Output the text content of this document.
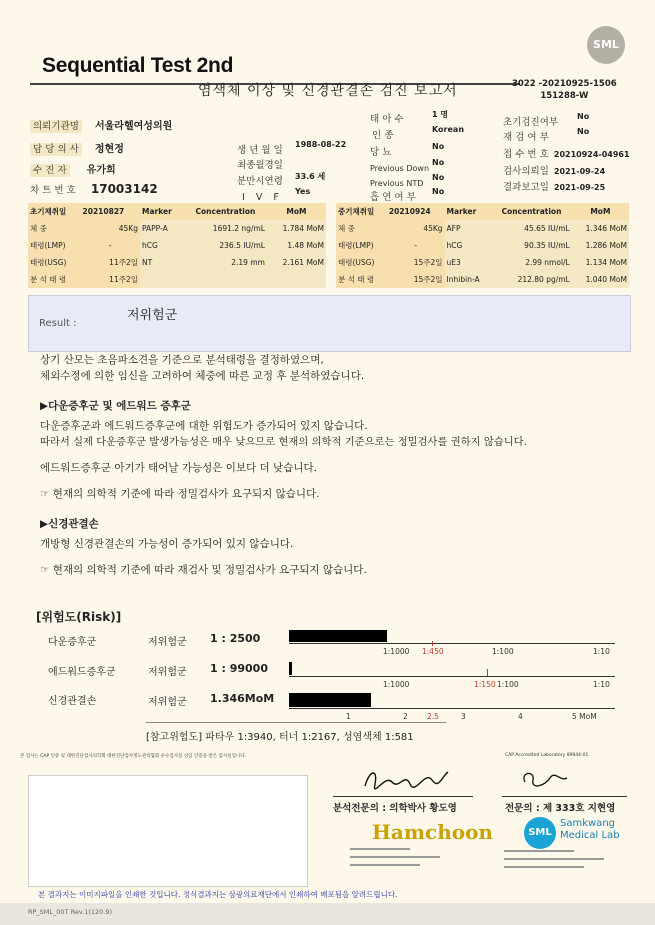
Sequential Test 2nd
염색체 이상 및 신경관결손 검진 보고서	3022 -20210925-1506
151288-W
SML
의뢰기관명 서울라헬여성의원
담 당 의 사 정현정
수 진 자 유가희
차 트 번 호 17003142
생 년 월 일
1988-08-22
최종월경일
분만시연령 33.6 세
I V F
Yes
태 아 수	1 명
인 종
Korean
당 뇨
No
Previous Down
No
Previous NTD
No
흡 연 여 부
No
초기검진여부
No
재 검 여 부
No
접 수 번 호 20210924-04961
검사의뢰일 2021-09-24
결과보고일 2021-09-25
초기채취일	20210827	Marker	Concentration	MoM
체 중	45Kg	PAPP-A	1691.2 ng/mL	1.784 MoM
태령(LMP)	-	hCG	236.5 IU/mL	1.48 MoM
태령(USG)	11주2일	NT	2.19 mm	2.161 MoM
분 석 태 령	11주2일			
중기채취일	20210924	Marker	Concentration	MoM
체 중	45Kg	AFP	45.65 IU/mL	1.346 MoM
태령(LMP)	-	hCG	90.35 IU/mL	1.286 MoM
태령(USG)	15주2일	uE3	2.99 nmol/L	1.134 MoM
분 석 태 령	15주2일	Inhibin-A	212.80 pg/mL	1.040 MoM
Result :
저위험군
상기 산모는 초음파소견을 기준으로 분석태령을 결정하였으며,
체외수정에 의한 임신을 고려하여 체중에 따른 교정 후 분석하였습니다.
▶다운증후군 및 에드워드 증후군
다운증후군과 에드워드증후군에 대한 위험도가 증가되어 있지 않습니다.
따라서 실제 다운증후군 발생가능성은 매우 낮으므로 현재의 의학적 기준으로는 정밀검사를 권하지 않습니다.
에드워드증후군 아기가 태어날 가능성은 이보다 더 낮습니다.
☞ 현재의 의학적 기준에 따라 정밀검사가 요구되지 않습니다.
▶신경관결손
개방형 신경관결손의 가능성이 증가되어 있지 않습니다.
☞ 현재의 의학적 기준에 따라 재검사 및 정밀검사가 요구되지 않습니다.
[위험도(Risk)]
다운증후군	저위험군 1 : 2500
1:1000 1:450	1:100	1:10
에드워드증후군	저위험군 1 : 99000
1:1000	1:150 1:100	1:10
신경관결손	저위험군 1.346MoM
1	2	2.5	3	4	5 MoM
[참고위험도] 파타우 1:3940, 터너 1:2167, 성염색체 1:581
본 검사는 CAP 인증 및 대한진단검사의학회 대한진단검사정도관리협회 우수검사실 신임 인증을 받은 검사실입니다.	CAP Accredited Laboratory 89944-01
분석전문의 : 의학박사 황도영	전문의 : 제 333호 지현영
Hamchoon	SML
Samkwang
Medical Lab
본 결과지는 이미지파일을 인쇄한 것입니다. 정식결과지는 삼광의료재단에서 인쇄하여 배포됨을 알려드립니다.
RP_SML_00T Rev.1(120.9)
